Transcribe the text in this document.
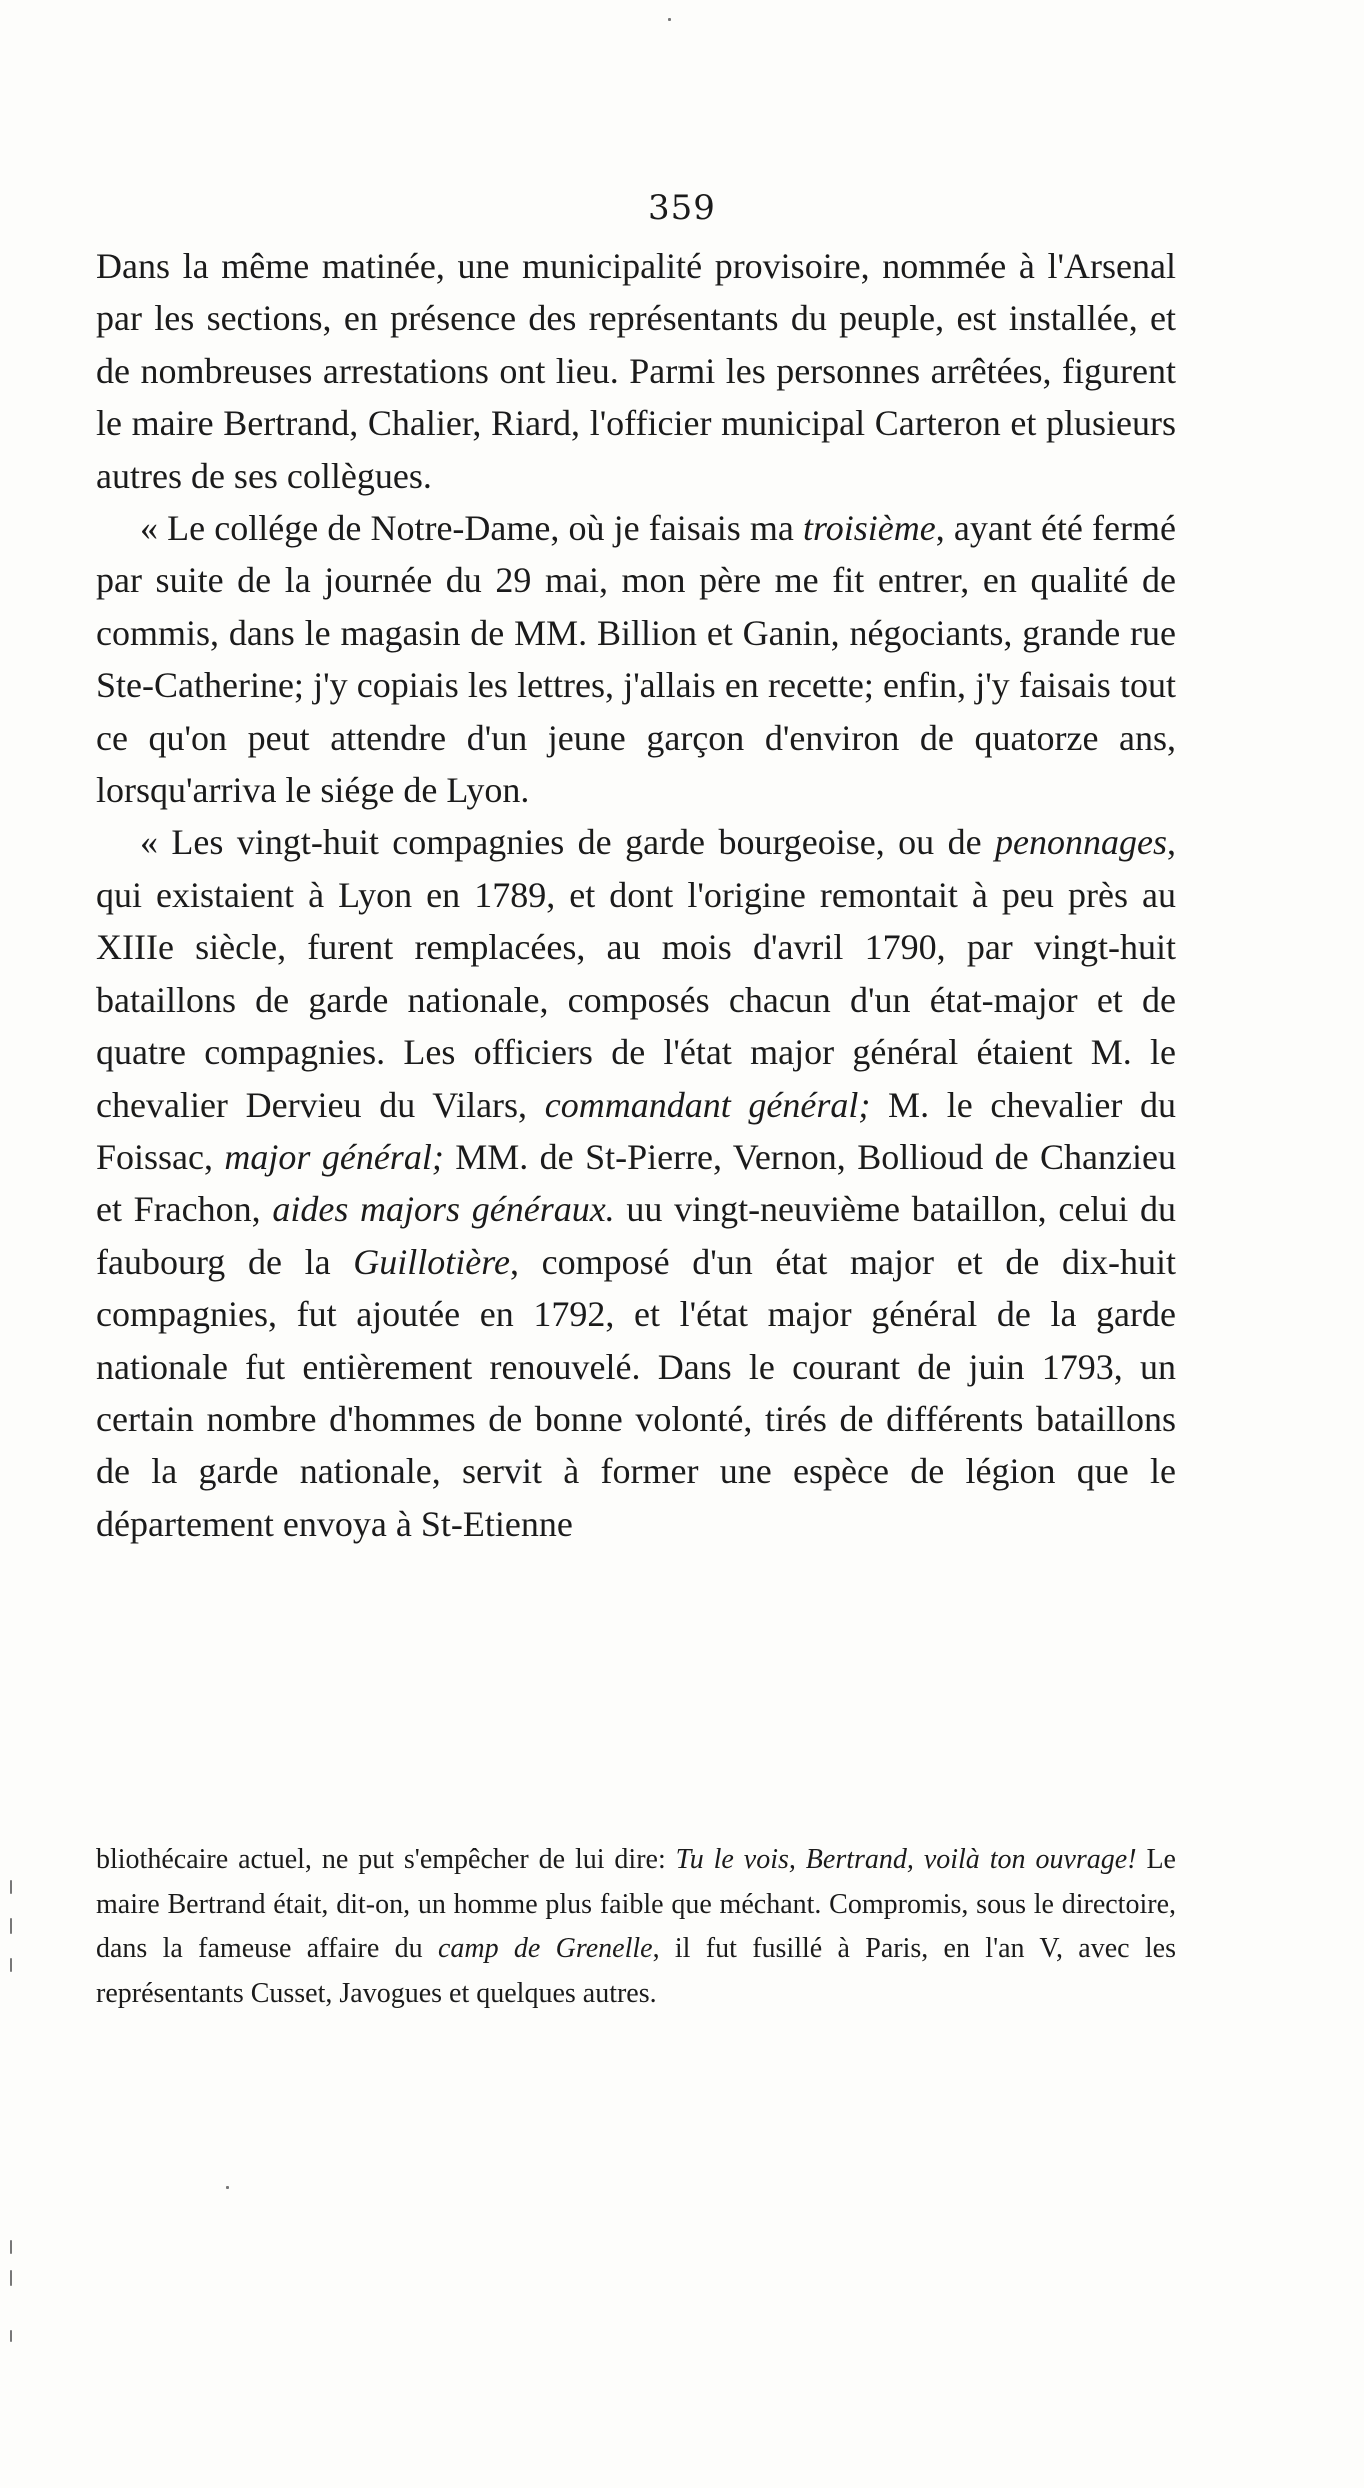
359

Dans la même matinée, une municipalité provisoire, nommée à l'Arsenal par les sections, en présence des représentants du peuple, est installée, et de nombreuses arrestations ont lieu. Parmi les personnes arrêtées, figurent le maire Bertrand, Chalier, Riard, l'officier municipal Carteron et plusieurs autres de ses collègues.

« Le collége de Notre-Dame, où je faisais ma troisième, ayant été fermé par suite de la journée du 29 mai, mon père me fit entrer, en qualité de commis, dans le magasin de MM. Billion et Ganin, négociants, grande rue Ste-Catherine; j'y copiais les lettres, j'allais en recette; enfin, j'y faisais tout ce qu'on peut attendre d'un jeune garçon d'environ de quatorze ans, lorsqu'arriva le siége de Lyon.

« Les vingt-huit compagnies de garde bourgeoise, ou de penonnages, qui existaient à Lyon en 1789, et dont l'origine remontait à peu près au XIIIe siècle, furent remplacées, au mois d'avril 1790, par vingt-huit bataillons de garde nationale, composés chacun d'un état-major et de quatre compagnies. Les officiers de l'état major général étaient M. le chevalier Dervieu du Vilars, commandant général; M. le chevalier du Foissac, major général; MM. de St-Pierre, Vernon, Bollioud de Chanzieu et Frachon, aides majors généraux. uu vingt-neuvième bataillon, celui du faubourg de la Guillotière, composé d'un état major et de dix-huit compagnies, fut ajoutée en 1792, et l'état major général de la garde nationale fut entièrement renouvelé. Dans le courant de juin 1793, un certain nombre d'hommes de bonne volonté, tirés de différents bataillons de la garde nationale, servit à former une espèce de légion que le département envoya à St-Etienne

bliothécaire actuel, ne put s'empêcher de lui dire: Tu le vois, Bertrand, voilà ton ouvrage! Le maire Bertrand était, dit-on, un homme plus faible que méchant. Compromis, sous le directoire, dans la fameuse affaire du camp de Grenelle, il fut fusillé à Paris, en l'an V, avec les représentants Cusset, Javogues et quelques autres.
